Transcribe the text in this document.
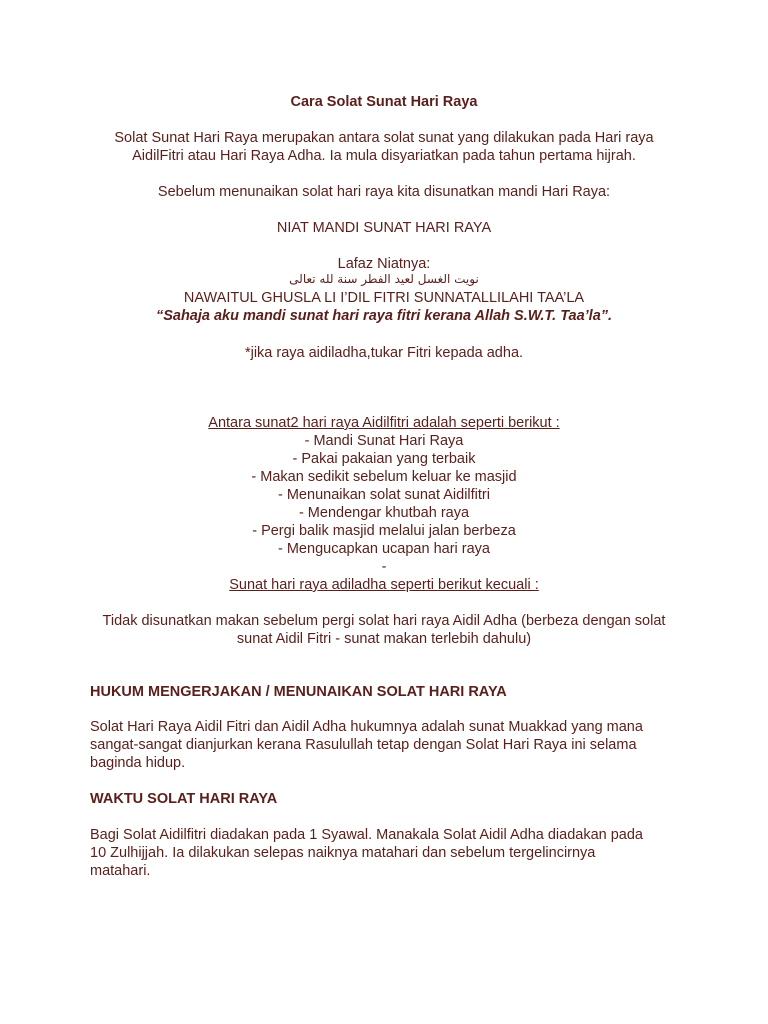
Cara Solat Sunat Hari Raya

Solat Sunat Hari Raya merupakan antara solat sunat yang dilakukan pada Hari raya

AidilFitri atau Hari Raya Adha. Ia mula disyariatkan pada tahun pertama hijrah.

Sebelum menunaikan solat hari raya kita disunatkan mandi Hari Raya:

NIAT MANDI SUNAT HARI RAYA

Lafaz Niatnya:

نويت الغسل لعيد الفطر سنة لله تعالى

NAWAITUL GHUSLA LI I’DIL FITRI SUNNATALLILAHI TAA’LA

“Sahaja aku mandi sunat hari raya fitri kerana Allah S.W.T. Taa’la”.

*jika raya aidiladha,tukar Fitri kepada adha.

Antara sunat2 hari raya Aidilfitri adalah seperti berikut :

- Mandi Sunat Hari Raya
- Pakai pakaian yang terbaik
- Makan sedikit sebelum keluar ke masjid
- Menunaikan solat sunat Aidilfitri
- Mendengar khutbah raya
- Pergi balik masjid melalui jalan berbeza
- Mengucapkan ucapan hari raya
-

Sunat hari raya adiladha seperti berikut kecuali :

Tidak disunatkan makan sebelum pergi solat hari raya Aidil Adha (berbeza dengan solat

sunat Aidil Fitri - sunat makan terlebih dahulu)

HUKUM MENGERJAKAN / MENUNAIKAN SOLAT HARI RAYA

Solat Hari Raya Aidil Fitri dan Aidil Adha hukumnya adalah sunat Muakkad yang mana

sangat-sangat dianjurkan kerana Rasulullah tetap dengan Solat Hari Raya ini selama

baginda hidup.

WAKTU SOLAT HARI RAYA

Bagi Solat Aidilfitri diadakan pada 1 Syawal. Manakala Solat Aidil Adha diadakan pada

10 Zulhijjah. Ia dilakukan selepas naiknya matahari dan sebelum tergelincirnya

matahari.
